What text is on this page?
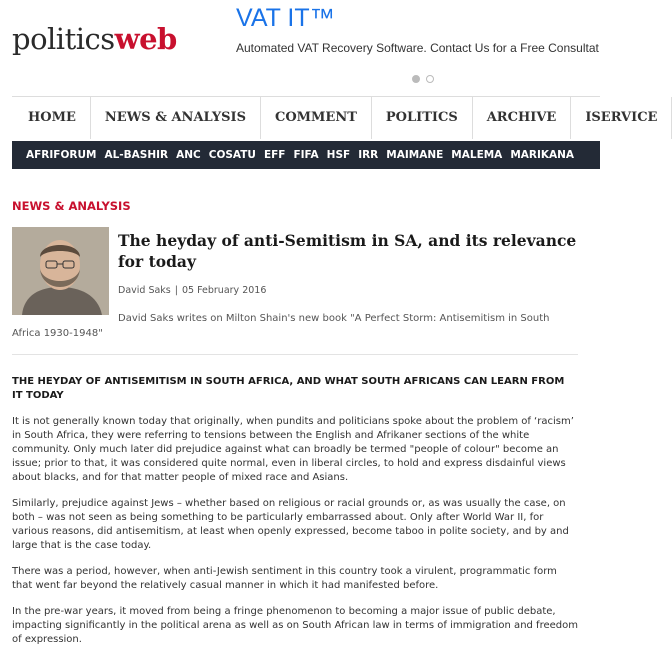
politicsweb
VAT IT™
Automated VAT Recovery Software. Contact Us for a Free Consultat
HOME	NEWS & ANALYSIS	COMMENT	POLITICS	ARCHIVE	ISERVICE
AFRIFORUM AL-BASHIR ANC COSATU EFF FIFA HSF IRR MAIMANE MALEMA MARIKANA
NEWS & ANALYSIS
The heyday of anti-Semitism in SA, and its relevance for today
David Saks | 05 February 2016

David Saks writes on Milton Shain's new book "A Perfect Storm: Antisemitism in South Africa 1930-1948"

THE HEYDAY OF ANTISEMITISM IN SOUTH AFRICA, AND WHAT SOUTH AFRICANS CAN LEARN FROM IT TODAY

It is not generally known today that originally, when pundits and politicians spoke about the problem of ‘racism’ in South Africa, they were referring to tensions between the English and Afrikaner sections of the white community. Only much later did prejudice against what can broadly be termed "people of colour" become an issue; prior to that, it was considered quite normal, even in liberal circles, to hold and express disdainful views about blacks, and for that matter people of mixed race and Asians.

Similarly, prejudice against Jews – whether based on religious or racial grounds or, as was usually the case, on both – was not seen as being something to be particularly embarrassed about. Only after World War II, for various reasons, did antisemitism, at least when openly expressed, become taboo in polite society, and by and large that is the case today.

There was a period, however, when anti-Jewish sentiment in this country took a virulent, programmatic form that went far beyond the relatively casual manner in which it had manifested before.

In the pre-war years, it moved from being a fringe phenomenon to becoming a major issue of public debate, impacting significantly in the political arena as well as on South African law in terms of immigration and freedom of expression.
